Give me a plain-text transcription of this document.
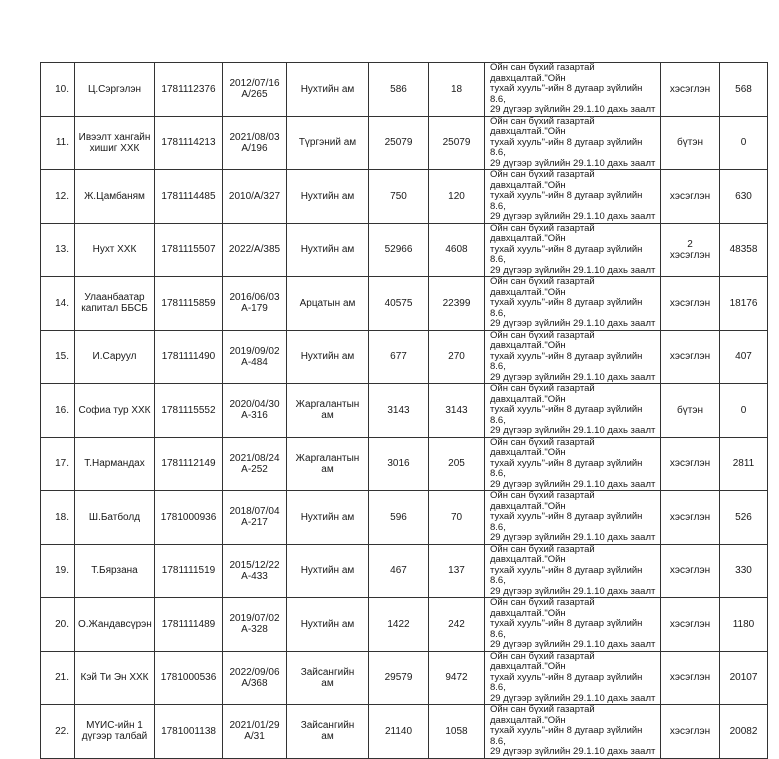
10.	Ц.Сэргэлэн	1781112376	2012/07/16
А/265	Нухтийн ам	586	18	Ойн сан бүхий газартай давхцалтай."Ойн
тухай хууль"-ийн 8 дугаар зүйлийн 8.6,
29 дүгээр зүйлийн 29.1.10 дахь заалт	хэсэглэн	568
11.	Ивээлт хангайн
хишиг ХХК	1781114213	2021/08/03
А/196	Түргэний ам	25079	25079	Ойн сан бүхий газартай давхцалтай."Ойн
тухай хууль"-ийн 8 дугаар зүйлийн 8.6,
29 дүгээр зүйлийн 29.1.10 дахь заалт	бүтэн	0
12.	Ж.Цамбаням	1781114485	2010/А/327	Нухтийн ам	750	120	Ойн сан бүхий газартай давхцалтай."Ойн
тухай хууль"-ийн 8 дугаар зүйлийн 8.6,
29 дүгээр зүйлийн 29.1.10 дахь заалт	хэсэглэн	630
13.	Нухт ХХК	1781115507	2022/А/385	Нухтийн ам	52966	4608	Ойн сан бүхий газартай давхцалтай."Ойн
тухай хууль"-ийн 8 дугаар зүйлийн 8.6,
29 дүгээр зүйлийн 29.1.10 дахь заалт	2
хэсэглэн	48358
14.	Улаанбаатар
капитал ББСБ	1781115859	2016/06/03
А-179	Арцатын ам	40575	22399	Ойн сан бүхий газартай давхцалтай."Ойн
тухай хууль"-ийн 8 дугаар зүйлийн 8.6,
29 дүгээр зүйлийн 29.1.10 дахь заалт	хэсэглэн	18176
15.	И.Саруул	1781111490	2019/09/02
А-484	Нухтийн ам	677	270	Ойн сан бүхий газартай давхцалтай."Ойн
тухай хууль"-ийн 8 дугаар зүйлийн 8.6,
29 дүгээр зүйлийн 29.1.10 дахь заалт	хэсэглэн	407
16.	Софиа тур ХХК	1781115552	2020/04/30
А-316	Жаргалантын
ам	3143	3143	Ойн сан бүхий газартай давхцалтай."Ойн
тухай хууль"-ийн 8 дугаар зүйлийн 8.6,
29 дүгээр зүйлийн 29.1.10 дахь заалт	бүтэн	0
17.	Т.Нармандах	1781112149	2021/08/24
А-252	Жаргалантын
ам	3016	205	Ойн сан бүхий газартай давхцалтай."Ойн
тухай хууль"-ийн 8 дугаар зүйлийн 8.6,
29 дүгээр зүйлийн 29.1.10 дахь заалт	хэсэглэн	2811
18.	Ш.Батболд	1781000936	2018/07/04
А-217	Нухтийн ам	596	70	Ойн сан бүхий газартай давхцалтай."Ойн
тухай хууль"-ийн 8 дугаар зүйлийн 8.6,
29 дүгээр зүйлийн 29.1.10 дахь заалт	хэсэглэн	526
19.	Т.Бярзана	1781111519	2015/12/22
А-433	Нухтийн ам	467	137	Ойн сан бүхий газартай давхцалтай."Ойн
тухай хууль"-ийн 8 дугаар зүйлийн 8.6,
29 дүгээр зүйлийн 29.1.10 дахь заалт	хэсэглэн	330
20.	О.Жандавсүрэн	1781111489	2019/07/02
А-328	Нухтийн ам	1422	242	Ойн сан бүхий газартай давхцалтай."Ойн
тухай хууль"-ийн 8 дугаар зүйлийн 8.6,
29 дүгээр зүйлийн 29.1.10 дахь заалт	хэсэглэн	1180
21.	Кэй Ти Эн ХХК	1781000536	2022/09/06
А/368	Зайсангийн
ам	29579	9472	Ойн сан бүхий газартай давхцалтай."Ойн
тухай хууль"-ийн 8 дугаар зүйлийн 8.6,
29 дүгээр зүйлийн 29.1.10 дахь заалт	хэсэглэн	20107
22.	МҮИС-ийн 1
дүгээр талбай	1781001138	2021/01/29
А/31	Зайсангийн
ам	21140	1058	Ойн сан бүхий газартай давхцалтай."Ойн
тухай хууль"-ийн 8 дугаар зүйлийн 8.6,
29 дүгээр зүйлийн 29.1.10 дахь заалт	хэсэглэн	20082
